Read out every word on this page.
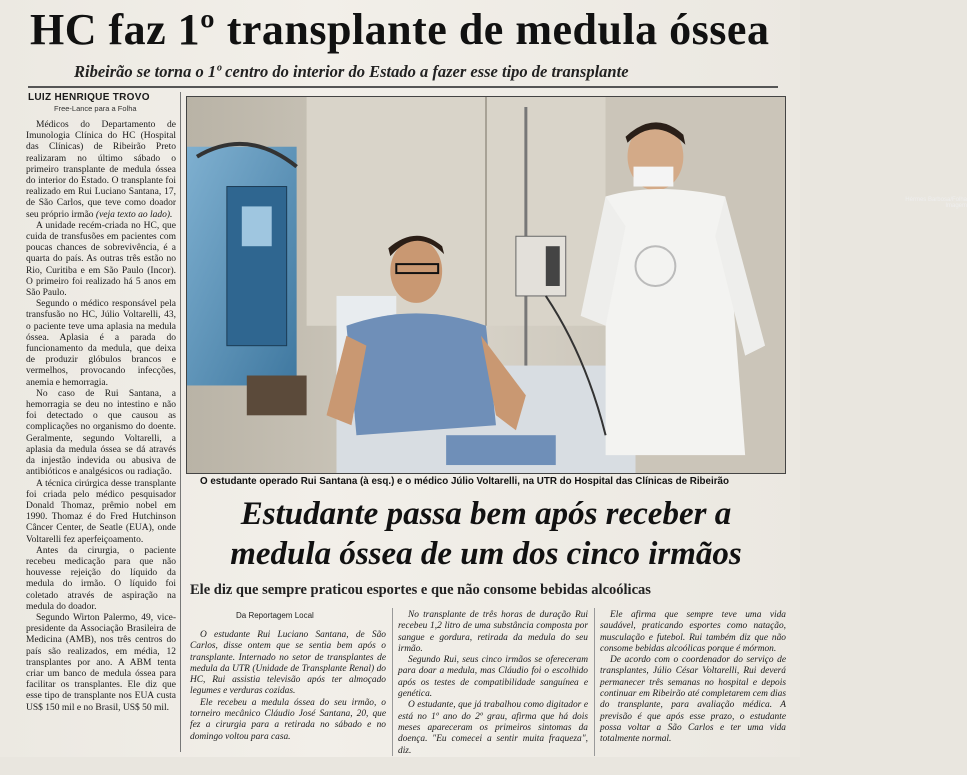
HC faz 1º transplante de medula óssea
Ribeirão se torna o 1º centro do interior do Estado a fazer esse tipo de transplante
LUIZ HENRIQUE TROVO
Free-Lance para a Folha

Médicos do Departamento de Imunologia Clínica do HC (Hospital das Clínicas) de Ribeirão Preto realizaram no último sábado o primeiro transplante de medula óssea do interior do Estado. O transplante foi realizado em Rui Luciano Santana, 17, de São Carlos, que teve como doador seu próprio irmão (veja texto ao lado).

A unidade recém-criada no HC, que cuida de transfusões em pacientes com poucas chances de sobrevivência, é a quarta do país. As outras três estão no Rio, Curitiba e em São Paulo (Incor). O primeiro foi realizado há 5 anos em São Paulo.

Segundo o médico responsável pela transfusão no HC, Júlio Voltarelli, 43, o paciente teve uma aplasia na medula óssea. Aplasia é a parada do funcionamento da medula, que deixa de produzir glóbulos brancos e vermelhos, provocando infecções, anemia e hemorragia.

No caso de Rui Santana, a hemorragia se deu no intestino e não foi detectado o que causou as complicações no organismo do doente. Geralmente, segundo Voltarelli, a aplasia da medula óssea se dá através da injestão indevida ou abusiva de antibióticos e analgésicos ou radiação.

A técnica cirúrgica desse transplante foi criada pelo médico pesquisador Donald Thomaz, prêmio nobel em 1990. Thomaz é do Fred Hutchinson Câncer Center, de Seatle (EUA), onde Voltarelli fez aperfeiçoamento.

Antes da cirurgia, o paciente recebeu medicação para que não houvesse rejeição do líquido da medula do irmão. O líquido foi coletado através de aspiração na medula do doador.

Segundo Wirton Palermo, 49, vice-presidente da Associação Brasileira de Medicina (AMB), nos três centros do país são realizados, em média, 12 transplantes por ano. A ABM tenta criar um banco de medula óssea para facilitar os transplantes. Ele diz que esse tipo de transplante nos EUA custa US$ 150 mil e no Brasil, US$ 50 mil.

Hérmes Barbosa/Folha Imagem
O estudante operado Rui Santana (à esq.) e o médico Júlio Voltarelli, na UTR do Hospital das Clínicas de Ribeirão
Estudante passa bem após receber a
medula óssea de um dos cinco irmãos
Ele diz que sempre praticou esportes e que não consome bebidas alcoólicas
Da Reportagem Local

O estudante Rui Luciano Santana, de São Carlos, disse ontem que se sentia bem após o transplante. Internado no setor de transplantes de medula da UTR (Unidade de Transplante Renal) do HC, Rui assistia televisão após ter almoçado legumes e verduras cozidas.

Ele recebeu a medula óssea do seu irmão, o torneiro mecânico Cláudio José Santana, 20, que fez a cirurgia para a retirada no sábado e no domingo voltou para casa.

No transplante de três horas de duração Rui recebeu 1,2 litro de uma substância composta por sangue e gordura, retirada da medula do seu irmão.

Segundo Rui, seus cinco irmãos se ofereceram para doar a medula, mas Cláudio foi o escolhido após os testes de compatibilidade sanguínea e genética.

O estudante, que já trabalhou como digitador e está no 1º ano do 2º grau, afirma que há dois meses apareceram os primeiros sintomas da doença. "Eu comecei a sentir muita fraqueza", diz.

Ele afirma que sempre teve uma vida saudável, praticando esportes como natação, musculação e futebol. Rui também diz que não consome bebidas alcoólicas porque é mórmon.

De acordo com o coordenador do serviço de transplantes, Júlio César Voltarelli, Rui deverá permanecer três semanas no hospital e depois continuar em Ribeirão até completarem cem dias do transplante, para avaliação médica. A previsão é que após esse prazo, o estudante possa voltar a São Carlos e ter uma vida totalmente normal.
